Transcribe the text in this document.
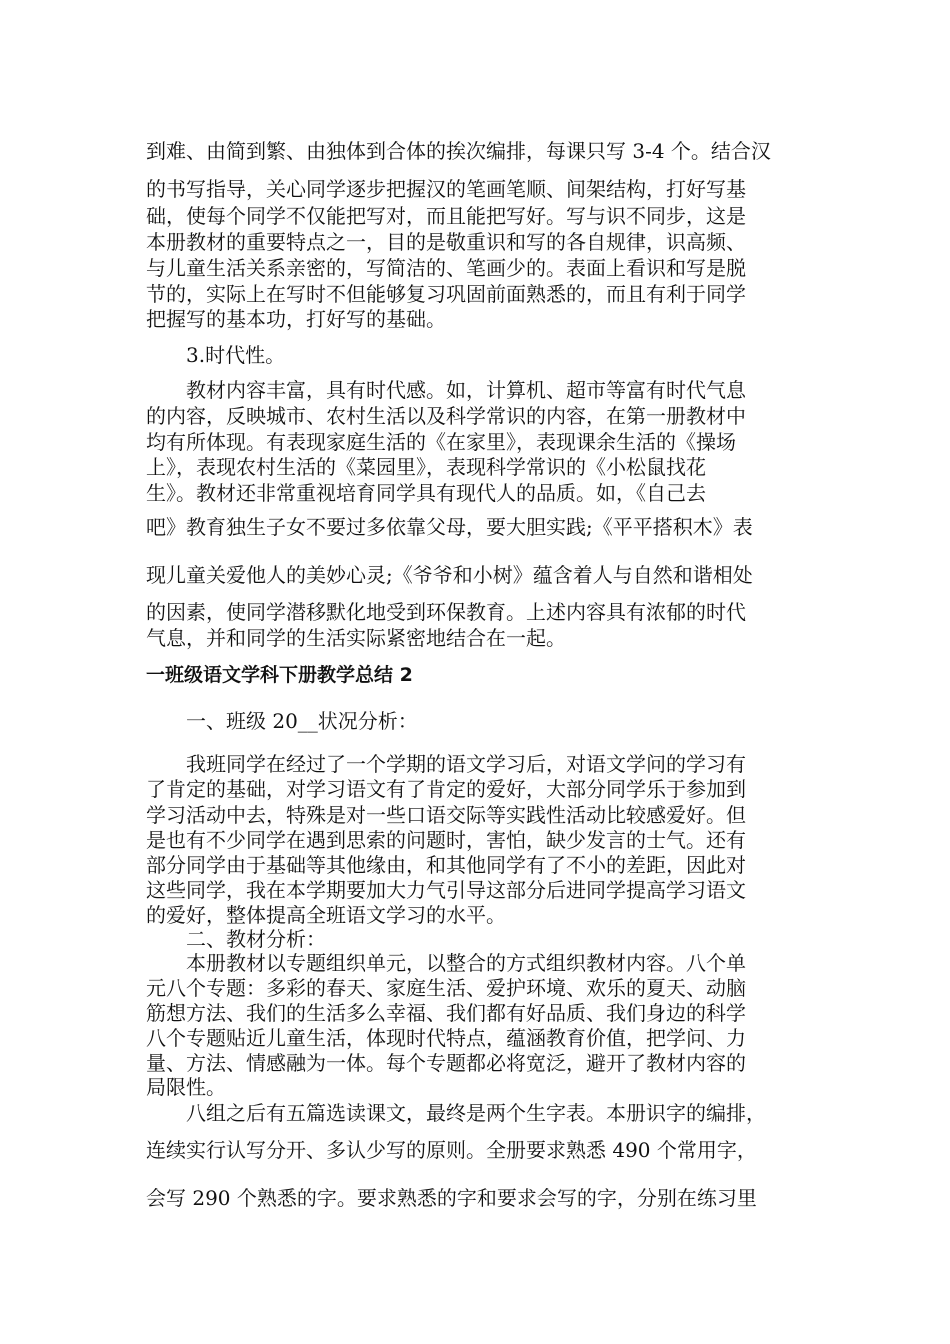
到难、由简到繁、由独体到合体的挨次编排，每课只写 3-4 个。结合汉

的书写指导，关心同学逐步把握汉的笔画笔顺、间架结构，打好写基

础，使每个同学不仅能把写对，而且能把写好。写与识不同步，这是

本册教材的重要特点之一，目的是敬重识和写的各自规律，识高频、

与儿童生活关系亲密的，写简洁的、笔画少的。表面上看识和写是脱

节的，实际上在写时不但能够复习巩固前面熟悉的，而且有利于同学

把握写的基本功，打好写的基础。

3.时代性。

教材内容丰富，具有时代感。如，计算机、超市等富有时代气息

的内容，反映城市、农村生活以及科学常识的内容，在第一册教材中

均有所体现。有表现家庭生活的《在家里》，表现课余生活的《操场

上》，表现农村生活的《菜园里》，表现科学常识的《小松鼠找花

生》。教材还非常重视培育同学具有现代人的品质。如，《自己去

吧》教育独生子女不要过多依靠父母，要大胆实践;《平平搭积木》表

现儿童关爱他人的美妙心灵;《爷爷和小树》蕴含着人与自然和谐相处

的因素，使同学潜移默化地受到环保教育。上述内容具有浓郁的时代

气息，并和同学的生活实际紧密地结合在一起。

一班级语文学科下册教学总结 2

一、班级 20__状况分析：

我班同学在经过了一个学期的语文学习后，对语文学问的学习有

了肯定的基础，对学习语文有了肯定的爱好，大部分同学乐于参加到

学习活动中去，特殊是对一些口语交际等实践性活动比较感爱好。但

是也有不少同学在遇到思索的问题时，害怕，缺少发言的士气。还有

部分同学由于基础等其他缘由，和其他同学有了不小的差距，因此对

这些同学，我在本学期要加大力气引导这部分后进同学提高学习语文

的爱好，整体提高全班语文学习的水平。

二、教材分析：

本册教材以专题组织单元，以整合的方式组织教材内容。八个单

元八个专题：多彩的春天、家庭生活、爱护环境、欢乐的夏天、动脑

筋想方法、我们的生活多么幸福、我们都有好品质、我们身边的科学

八个专题贴近儿童生活，体现时代特点，蕴涵教育价值，把学问、力

量、方法、情感融为一体。每个专题都必将宽泛，避开了教材内容的

局限性。

八组之后有五篇选读课文，最终是两个生字表。本册识字的编排，

连续实行认写分开、多认少写的原则。全册要求熟悉 490 个常用字，

会写 290 个熟悉的字。要求熟悉的字和要求会写的字，分别在练习里
